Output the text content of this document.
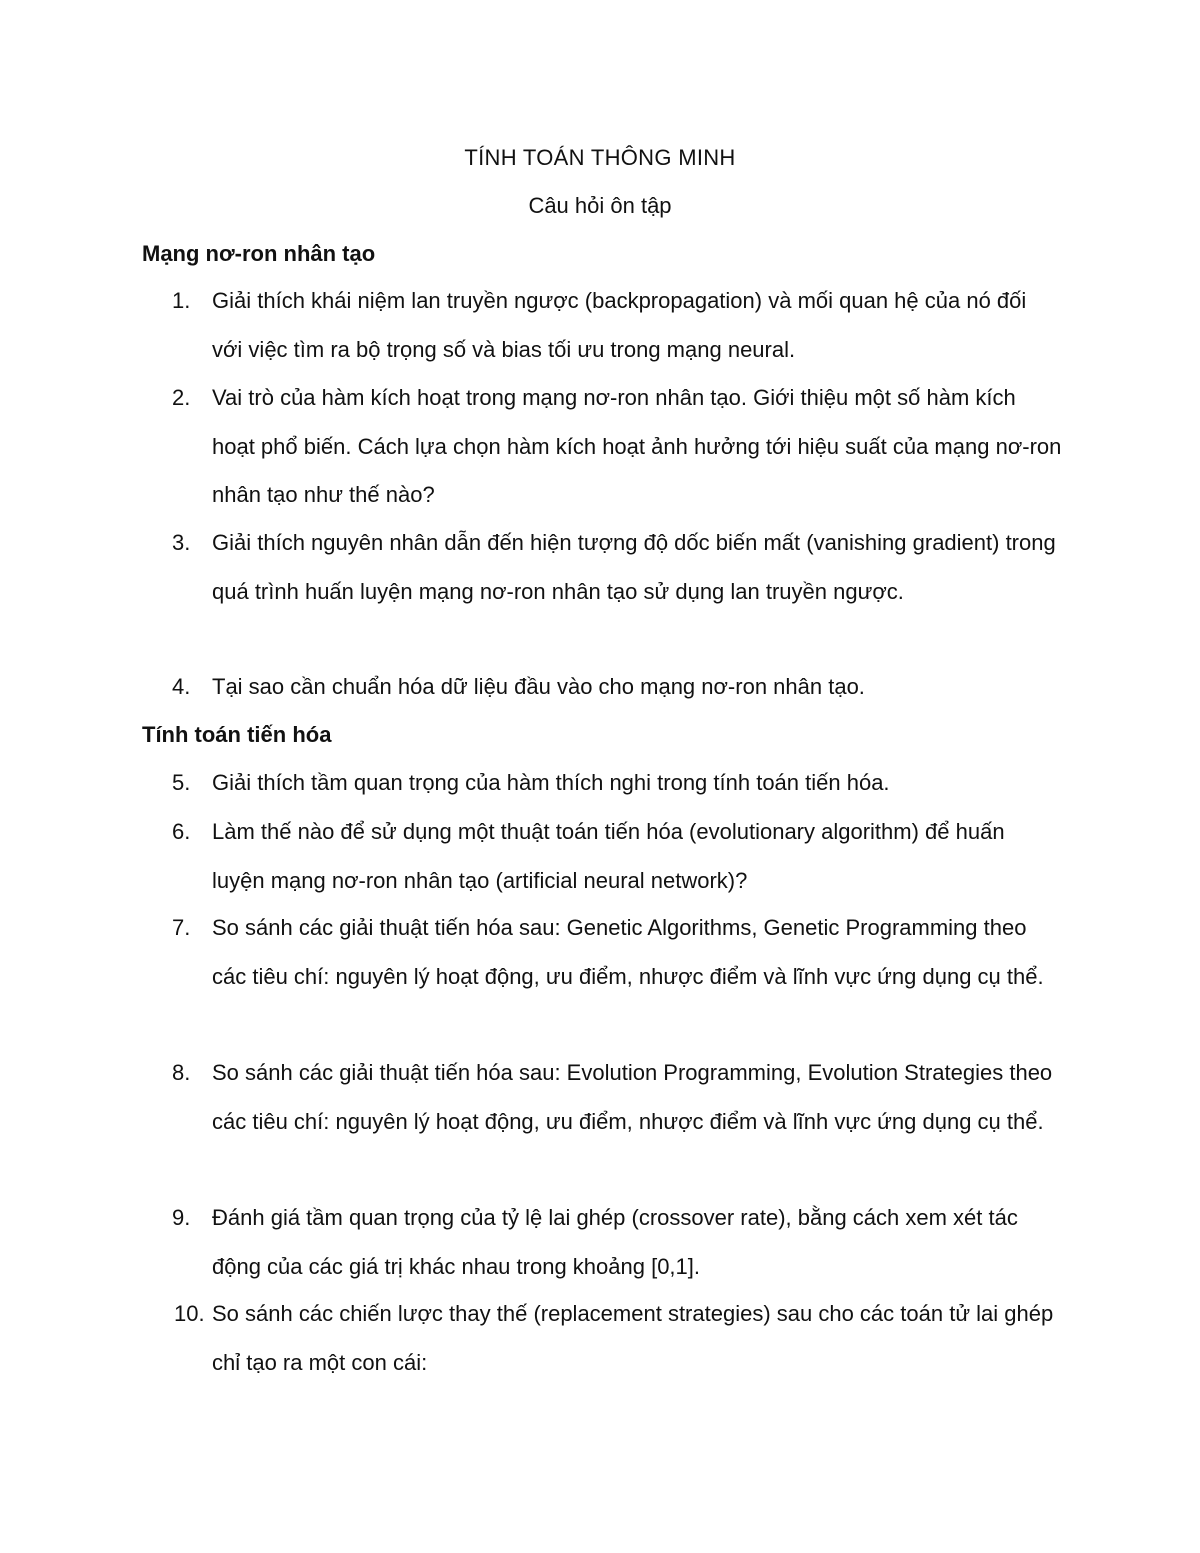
TÍNH TOÁN THÔNG MINH
Câu hỏi ôn tập
Mạng nơ-ron nhân tạo
1. Giải thích khái niệm lan truyền ngược (backpropagation) và mối quan hệ của nó đối với việc tìm ra bộ trọng số và bias tối ưu trong mạng neural.
2. Vai trò của hàm kích hoạt trong mạng nơ-ron nhân tạo. Giới thiệu một số hàm kích hoạt phổ biến. Cách lựa chọn hàm kích hoạt ảnh hưởng tới hiệu suất của mạng nơ-ron nhân tạo như thế nào?
3. Giải thích nguyên nhân dẫn đến hiện tượng độ dốc biến mất (vanishing gradient) trong quá trình huấn luyện mạng nơ-ron nhân tạo sử dụng lan truyền ngược.
4. Tại sao cần chuẩn hóa dữ liệu đầu vào cho mạng nơ-ron nhân tạo.
Tính toán tiến hóa
5. Giải thích tầm quan trọng của hàm thích nghi trong tính toán tiến hóa.
6. Làm thế nào để sử dụng một thuật toán tiến hóa (evolutionary algorithm) để huấn luyện mạng nơ-ron nhân tạo (artificial neural network)?
7. So sánh các giải thuật tiến hóa sau: Genetic Algorithms, Genetic Programming theo các tiêu chí: nguyên lý hoạt động, ưu điểm, nhược điểm và lĩnh vực ứng dụng cụ thể.
8. So sánh các giải thuật tiến hóa sau: Evolution Programming, Evolution Strategies theo các tiêu chí: nguyên lý hoạt động, ưu điểm, nhược điểm và lĩnh vực ứng dụng cụ thể.
9. Đánh giá tầm quan trọng của tỷ lệ lai ghép (crossover rate), bằng cách xem xét tác động của các giá trị khác nhau trong khoảng [0,1].
10. So sánh các chiến lược thay thế (replacement strategies) sau cho các toán tử lai ghép chỉ tạo ra một con cái:
